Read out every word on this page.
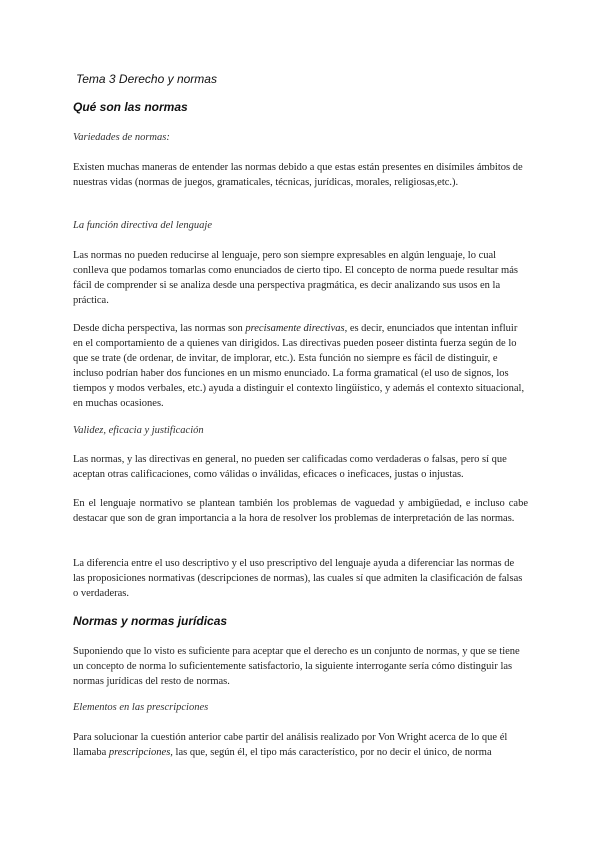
Tema 3 Derecho y normas
Qué son las normas
Variedades de normas:

Existen muchas maneras de entender las normas debido a que estas están presentes en disímiles ámbitos de nuestras vidas (normas de juegos, gramaticales, técnicas, jurídicas, morales, religiosas,etc.).

La función directiva del lenguaje

Las normas no pueden reducirse al lenguaje, pero son siempre expresables en algún lenguaje, lo cual conlleva que podamos tomarlas como enunciados de cierto tipo. El concepto de norma puede resultar más fácil de comprender si se analiza desde una perspectiva pragmática, es decir analizando sus usos en la práctica.

Desde dicha perspectiva, las normas son precisamente directivas, es decir, enunciados que intentan influir en el comportamiento de a quienes van dirigidos. Las directivas pueden poseer distinta fuerza según de lo que se trate (de ordenar, de invitar, de implorar, etc.). Esta función no siempre es fácil de distinguir, e incluso podrían haber dos funciones en un mismo enunciado. La forma gramatical (el uso de signos, los tiempos y modos verbales, etc.) ayuda a distinguir el contexto lingüístico, y además el contexto situacional, en muchas ocasiones.

Validez, eficacia y justificación

Las normas, y las directivas en general, no pueden ser calificadas como verdaderas o falsas, pero sí que aceptan otras calificaciones, como válidas o inválidas, eficaces o ineficaces, justas o injustas.

En el lenguaje normativo se plantean también los problemas de vaguedad y ambigüedad, e incluso cabe destacar que son de gran importancia a la hora de resolver los problemas de interpretación de las normas.

La diferencia entre el uso descriptivo y el uso prescriptivo del lenguaje ayuda a diferenciar las normas de las proposiciones normativas (descripciones de normas), las cuales sí que admiten la clasificación de falsas o verdaderas.

Normas y normas jurídicas

Suponiendo que lo visto es suficiente para aceptar que el derecho es un conjunto de normas, y que se tiene un concepto de norma lo suficientemente satisfactorio, la siguiente interrogante sería cómo distinguir las normas jurídicas del resto de normas.

Elementos en las prescripciones

Para solucionar la cuestión anterior cabe partir del análisis realizado por Von Wright acerca de lo que él llamaba prescripciones, las que, según él, el tipo más característico, por no decir el único, de norma
